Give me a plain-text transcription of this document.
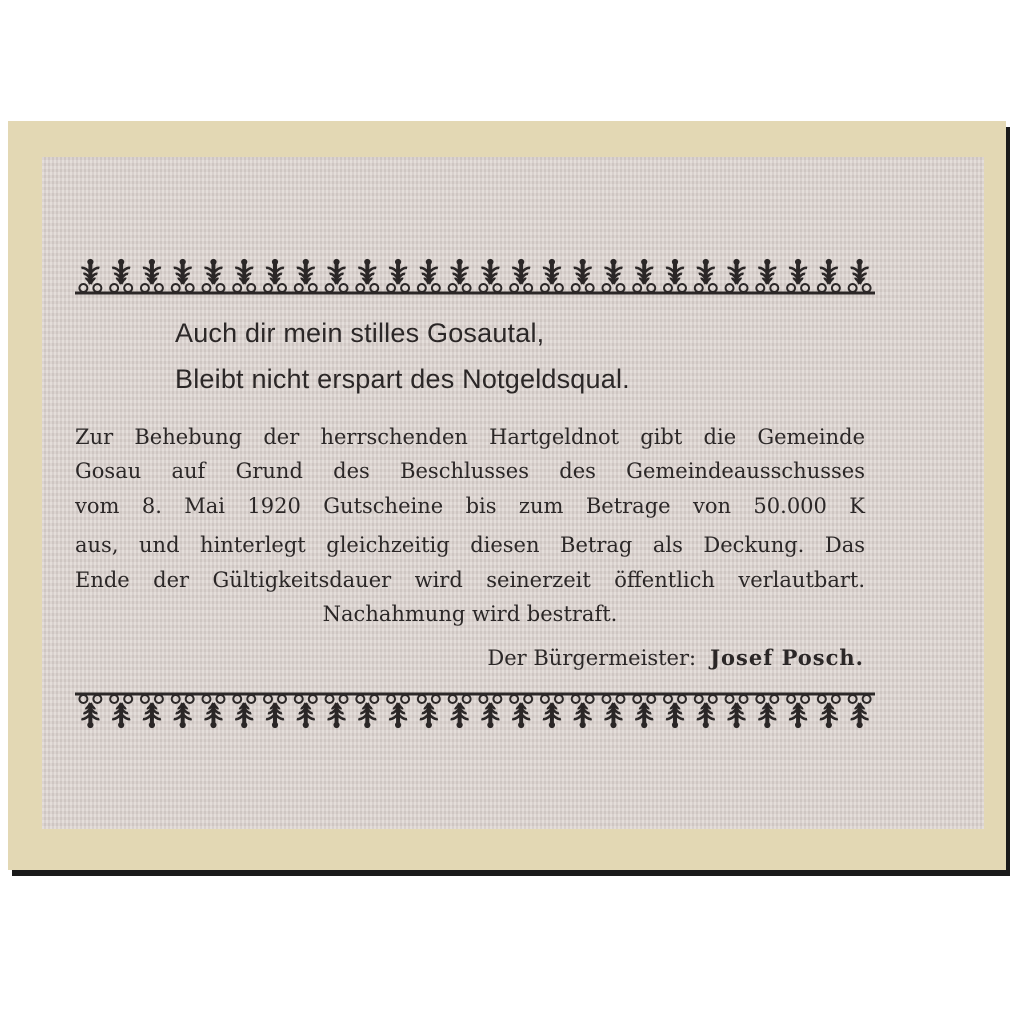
Auch dir mein stilles Gosautal,
Bleibt nicht erspart des Notgeldsqual.
Zur Behebung der herrschenden Hartgeldnot gibt die Gemeinde
Gosau auf Grund des Beschlusses des Gemeindeausschusses
vom 8. Mai 1920 Gutscheine bis zum Betrage von 50.000 K
aus, und hinterlegt gleichzeitig diesen Betrag als Deckung. Das
Ende der Gültigkeitsdauer wird seinerzeit öffentlich verlautbart.
Nachahmung wird bestraft.
Der Bürgermeister: Josef Posch.
